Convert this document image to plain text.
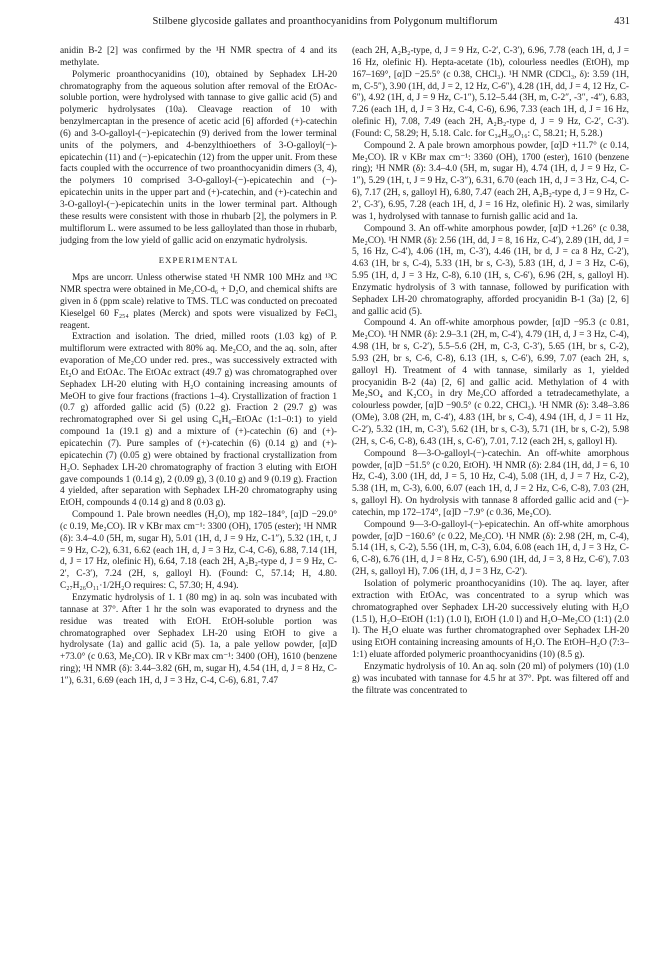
Stilbene glycoside gallates and proanthocyanidins from Polygonum multiflorum	431

anidin B-2 [2] was confirmed by the ¹H NMR spectra of 4 and its methylate.

Polymeric proanthocyanidins (10), obtained by Sephadex LH-20 chromatography from the aqueous solution after removal of the EtOAc-soluble portion, were hydrolysed with tannase to give gallic acid (5) and polymeric hydrolysates (10a). Cleavage reaction of 10 with benzylmercaptan in the presence of acetic acid [6] afforded (+)-catechin (6) and 3-O-galloyl-(−)-epicatechin (9) derived from the lower terminal units of the polymers, and 4-benzylthioethers of 3-O-galloyl(−)-epicatechin (11) and (−)-epicatechin (12) from the upper unit. From these facts coupled with the occurrence of two proanthocyanidin dimers (3, 4), the polymers 10 comprised 3-O-galloyl-(−)-epicatechin and (−)-epicatechin units in the upper part and (+)-catechin, and (+)-catechin and 3-O-galloyl-(−)-epicatechin units in the lower terminal part. Although these results were consistent with those in rhubarb [2], the polymers in P. multiflorum L. were assumed to be less galloylated than those in rhubarb, judging from the low yield of gallic acid on enzymatic hydrolysis.

EXPERIMENTAL

Mps are uncorr. Unless otherwise stated ¹H NMR 100 MHz and ¹³C NMR spectra were obtained in Me₂CO-d₆ + D₂O, and chemical shifts are given in δ (ppm scale) relative to TMS. TLC was conducted on precoated Kieselgel 60 F₂₅₄ plates (Merck) and spots were visualized by FeCl₃ reagent.

Extraction and isolation. The dried, milled roots (1.03 kg) of P. multiflorum were extracted with 80% aq. Me₂CO, and the aq. soln, after evaporation of Me₂CO under red. pres., was successively extracted with Et₂O and EtOAc. The EtOAc extract (49.7 g) was chromatographed over Sephadex LH-20 eluting with H₂O containing increasing amounts of MeOH to give four fractions (fractions 1–4). Crystallization of fraction 1 (0.7 g) afforded gallic acid (5) (0.22 g). Fraction 2 (29.7 g) was rechromatographed over Si gel using C₆H₆–EtOAc (1:1–0:1) to yield compound 1a (19.1 g) and a mixture of (+)-catechin (6) and (+)-epicatechin (7). Pure samples of (+)-catechin (6) (0.14 g) and (+)-epicatechin (7) (0.05 g) were obtained by fractional crystallization from H₂O. Sephadex LH-20 chromatography of fraction 3 eluting with EtOH gave compounds 1 (0.14 g), 2 (0.09 g), 3 (0.10 g) and 9 (0.19 g). Fraction 4 yielded, after separation with Sephadex LH-20 chromatography using EtOH, compounds 4 (0.14 g) and 8 (0.03 g).

Compound 1. Pale brown needles (H₂O), mp 182–184°, [α]D −29.0° (c 0.19, Me₂CO). IR ν KBr max cm⁻¹: 3300 (OH), 1705 (ester); ¹H NMR (δ): 3.4–4.0 (5H, m, sugar H), 5.01 (1H, d, J = 9 Hz, C-1″), 5.32 (1H, t, J = 9 Hz, C-2), 6.31, 6.62 (each 1H, d, J = 3 Hz, C-4, C-6), 6.88, 7.14 (1H, d, J = 17 Hz, olefinic H), 6.64, 7.18 (each 2H, A₂B₂-type d, J = 9 Hz, C-2′, C-3′), 7.24 (2H, s, galloyl H). (Found: C, 57.14; H, 4.80. C₂₇H₂₆O₁₁·1/2H₂O requires: C, 57.30; H, 4.94).

Enzymatic hydrolysis of 1. 1 (80 mg) in aq. soln was incubated with tannase at 37°. After 1 hr the soln was evaporated to dryness and the residue was treated with EtOH. EtOH-soluble portion was chromatographed over Sephadex LH-20 using EtOH to give a hydrolysate (1a) and gallic acid (5). 1a, a pale yellow powder, [α]D +73.0° (c 0.63, Me₂CO). IR ν KBr max cm⁻¹: 3400 (OH), 1610 (benzene ring); ¹H NMR (δ): 3.44–3.82 (6H, m, sugar H), 4.54 (1H, d, J = 8 Hz, C-1″), 6.31, 6.69 (each 1H, d, J = 3 Hz, C-4, C-6), 6.81, 7.47

(each 2H, A₂B₂-type, d, J = 9 Hz, C-2′, C-3′), 6.96, 7.78 (each 1H, d, J = 16 Hz, olefinic H). Hepta-acetate (1b), colourless needles (EtOH), mp 167–169°, [α]D −25.5° (c 0.38, CHCl₃). ¹H NMR (CDCl₃, δ): 3.59 (1H, m, C-5″), 3.90 (1H, dd, J = 2, 12 Hz, C-6″), 4.28 (1H, dd, J = 4, 12 Hz, C-6″), 4.92 (1H, d, J = 9 Hz, C-1″), 5.12–5.44 (3H, m, C-2″, -3″, -4″), 6.83, 7.26 (each 1H, d, J = 3 Hz, C-4, C-6), 6.96, 7.33 (each 1H, d, J = 16 Hz, olefinic H), 7.08, 7.49 (each 2H, A₂B₂-type d, J = 9 Hz, C-2′, C-3′). (Found: C, 58.29; H, 5.18. Calc. for C₃₄H₃₆O₁₆: C, 58.21; H, 5.28.)

Compound 2. A pale brown amorphous powder, [α]D +11.7° (c 0.14, Me₂CO). IR ν KBr max cm⁻¹: 3360 (OH), 1700 (ester), 1610 (benzene ring); ¹H NMR (δ): 3.4–4.0 (5H, m, sugar H), 4.74 (1H, d, J = 9 Hz, C-1″), 5.29 (1H, t, J = 9 Hz, C-3″), 6.31, 6.70 (each 1H, d, J = 3 Hz, C-4, C-6), 7.17 (2H, s, galloyl H), 6.80, 7.47 (each 2H, A₂B₂-type d, J = 9 Hz, C-2′, C-3′), 6.95, 7.28 (each 1H, d, J = 16 Hz, olefinic H). 2 was, similarly was 1, hydrolysed with tannase to furnish gallic acid and 1a.

Compound 3. An off-white amorphous powder, [α]D +1.26° (c 0.38, Me₂CO). ¹H NMR (δ): 2.56 (1H, dd, J = 8, 16 Hz, C-4′), 2.89 (1H, dd, J = 5, 16 Hz, C-4′), 4.06 (1H, m, C-3′), 4.46 (1H, br d, J = ca 8 Hz, C-2′), 4.63 (1H, br s, C-4), 5.33 (1H, br s, C-3), 5.83 (1H, d, J = 3 Hz, C-6), 5.95 (1H, d, J = 3 Hz, C-8), 6.10 (1H, s, C-6′), 6.96 (2H, s, galloyl H). Enzymatic hydrolysis of 3 with tannase, followed by purification with Sephadex LH-20 chromatography, afforded procyanidin B-1 (3a) [2, 6] and gallic acid (5).

Compound 4. An off-white amorphous powder, [α]D −95.3 (c 0.81, Me₂CO). ¹H NMR (δ): 2.9–3.1 (2H, m, C-4′), 4.79 (1H, d, J = 3 Hz, C-4), 4.98 (1H, br s, C-2′), 5.5–5.6 (2H, m, C-3, C-3′), 5.65 (1H, br s, C-2), 5.93 (2H, br s, C-6, C-8), 6.13 (1H, s, C-6′), 6.99, 7.07 (each 2H, s, galloyl H). Treatment of 4 with tannase, similarly as 1, yielded procyanidin B-2 (4a) [2, 6] and gallic acid. Methylation of 4 with Me₂SO₄ and K₂CO₃ in dry Me₂CO afforded a tetradecamethylate, a colourless powder, [α]D −90.5° (c 0.22, CHCl₃). ¹H NMR (δ): 3.48–3.86 (OMe), 3.08 (2H, m, C-4′), 4.83 (1H, br s, C-4), 4.94 (1H, d, J = 11 Hz, C-2′), 5.32 (1H, m, C-3′), 5.62 (1H, br s, C-3), 5.71 (1H, br s, C-2), 5.98 (2H, s, C-6, C-8), 6.43 (1H, s, C-6′), 7.01, 7.12 (each 2H, s, galloyl H).

Compound 8—3-O-galloyl-(−)-catechin. An off-white amorphous powder, [α]D −51.5° (c 0.20, EtOH). ¹H NMR (δ): 2.84 (1H, dd, J = 6, 10 Hz, C-4), 3.00 (1H, dd, J = 5, 10 Hz, C-4), 5.08 (1H, d, J = 7 Hz, C-2), 5.38 (1H, m, C-3), 6.00, 6.07 (each 1H, d, J = 2 Hz, C-6, C-8), 7.03 (2H, s, galloyl H). On hydrolysis with tannase 8 afforded gallic acid and (−)-catechin, mp 172–174°, [α]D −7.9° (c 0.36, Me₂CO).

Compound 9—3-O-galloyl-(−)-epicatechin. An off-white amorphous powder, [α]D −160.6° (c 0.22, Me₂CO). ¹H NMR (δ): 2.98 (2H, m, C-4), 5.14 (1H, s, C-2), 5.56 (1H, m, C-3), 6.04, 6.08 (each 1H, d, J = 3 Hz, C-6, C-8), 6.76 (1H, d, J = 8 Hz, C-5′), 6.90 (1H, dd, J = 3, 8 Hz, C-6′), 7.03 (2H, s, galloyl H), 7.06 (1H, d, J = 3 Hz, C-2′).

Isolation of polymeric proanthocyanidins (10). The aq. layer, after extraction with EtOAc, was concentrated to a syrup which was chromatographed over Sephadex LH-20 successively eluting with H₂O (1.5 l), H₂O–EtOH (1:1) (1.0 l), EtOH (1.0 l) and H₂O–Me₂CO (1:1) (2.0 l). The H₂O eluate was further chromatographed over Sephadex LH-20 using EtOH containing increasing amounts of H₂O. The EtOH–H₂O (7:3–1:1) eluate afforded polymeric proanthocyanidins (10) (8.5 g).

Enzymatic hydrolysis of 10. An aq. soln (20 ml) of polymers (10) (1.0 g) was incubated with tannase for 4.5 hr at 37°. Ppt. was filtered off and the filtrate was concentrated to
